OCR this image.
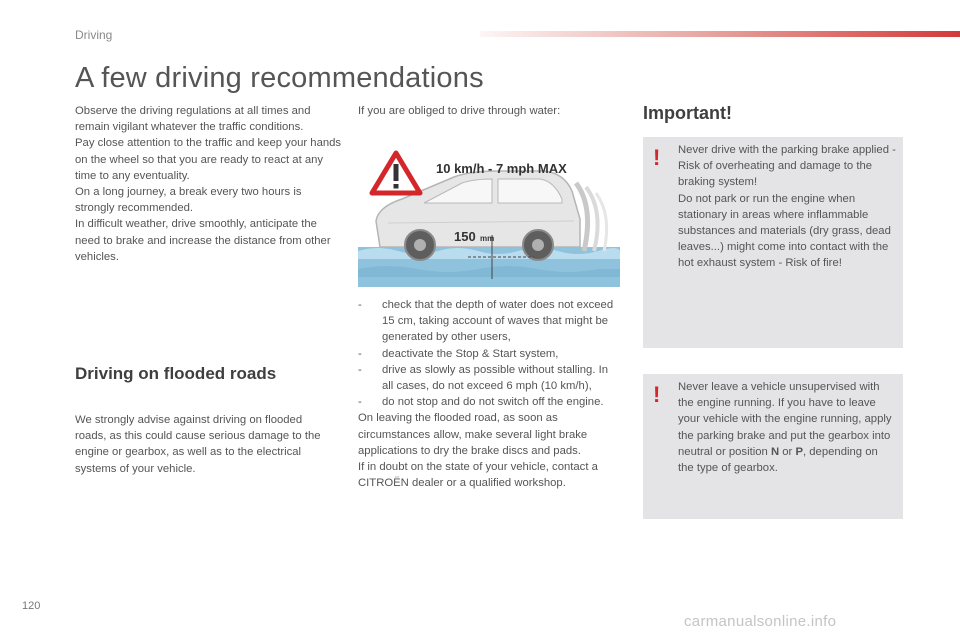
Driving
A few driving recommendations

Observe the driving regulations at all times and remain vigilant whatever the traffic conditions.

Pay close attention to the traffic and keep your hands on the wheel so that you are ready to react at any time to any eventuality.

On a long journey, a break every two hours is strongly recommended.

In difficult weather, drive smoothly, anticipate the need to brake and increase the distance from other vehicles.

Driving on flooded roads

We strongly advise against driving on flooded roads, as this could cause serious damage to the engine or gearbox, as well as to the electrical systems of your vehicle.

If you are obliged to drive through water:

10 km/h - 7 mph MAX
150 mm
- check that the depth of water does not exceed 15 cm, taking account of waves that might be generated by other users,
- deactivate the Stop & Start system,
- drive as slowly as possible without stalling. In all cases, do not exceed 6 mph (10 km/h),
- do not stop and do not switch off the engine.

On leaving the flooded road, as soon as circumstances allow, make several light brake applications to dry the brake discs and pads.

If in doubt on the state of your vehicle, contact a CITROËN dealer or a qualified workshop.

Important!
! Never drive with the parking brake applied - Risk of overheating and damage to the braking system!

Do not park or run the engine when stationary in areas where inflammable substances and materials (dry grass, dead leaves...) might come into contact with the hot exhaust system - Risk of fire!

! Never leave a vehicle unsupervised with the engine running. If you have to leave your vehicle with the engine running, apply the parking brake and put the gearbox into neutral or position N or P, depending on the type of gearbox.
120
carmanualsonline.info
